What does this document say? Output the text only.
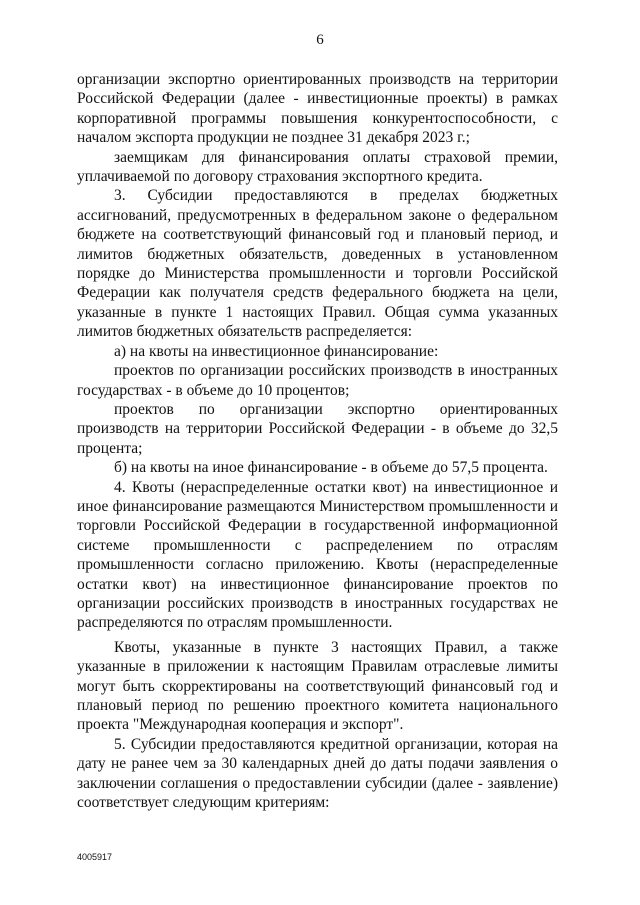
6

организации экспортно ориентированных производств на территории Российской Федерации (далее - инвестиционные проекты) в рамках корпоративной программы повышения конкурентоспособности, с началом экспорта продукции не позднее 31 декабря 2023 г.;

заемщикам для финансирования оплаты страховой премии, уплачиваемой по договору страхования экспортного кредита.

3. Субсидии предоставляются в пределах бюджетных ассигнований, предусмотренных в федеральном законе о федеральном бюджете на соответствующий финансовый год и плановый период, и лимитов бюджетных обязательств, доведенных в установленном порядке до Министерства промышленности и торговли Российской Федерации как получателя средств федерального бюджета на цели, указанные в пункте 1 настоящих Правил. Общая сумма указанных лимитов бюджетных обязательств распределяется:

а) на квоты на инвестиционное финансирование:

проектов по организации российских производств в иностранных государствах - в объеме до 10 процентов;

проектов по организации экспортно ориентированных производств на территории Российской Федерации - в объеме до 32,5 процента;

б) на квоты на иное финансирование - в объеме до 57,5 процента.

4. Квоты (нераспределенные остатки квот) на инвестиционное и иное финансирование размещаются Министерством промышленности и торговли Российской Федерации в государственной информационной системе промышленности с распределением по отраслям промышленности согласно приложению. Квоты (нераспределенные остатки квот) на инвестиционное финансирование проектов по организации российских производств в иностранных государствах не распределяются по отраслям промышленности.

Квоты, указанные в пункте 3 настоящих Правил, а также указанные в приложении к настоящим Правилам отраслевые лимиты могут быть скорректированы на соответствующий финансовый год и плановый период по решению проектного комитета национального проекта "Международная кооперация и экспорт".

5. Субсидии предоставляются кредитной организации, которая на дату не ранее чем за 30 календарных дней до даты подачи заявления о заключении соглашения о предоставлении субсидии (далее - заявление) соответствует следующим критериям:

4005917
